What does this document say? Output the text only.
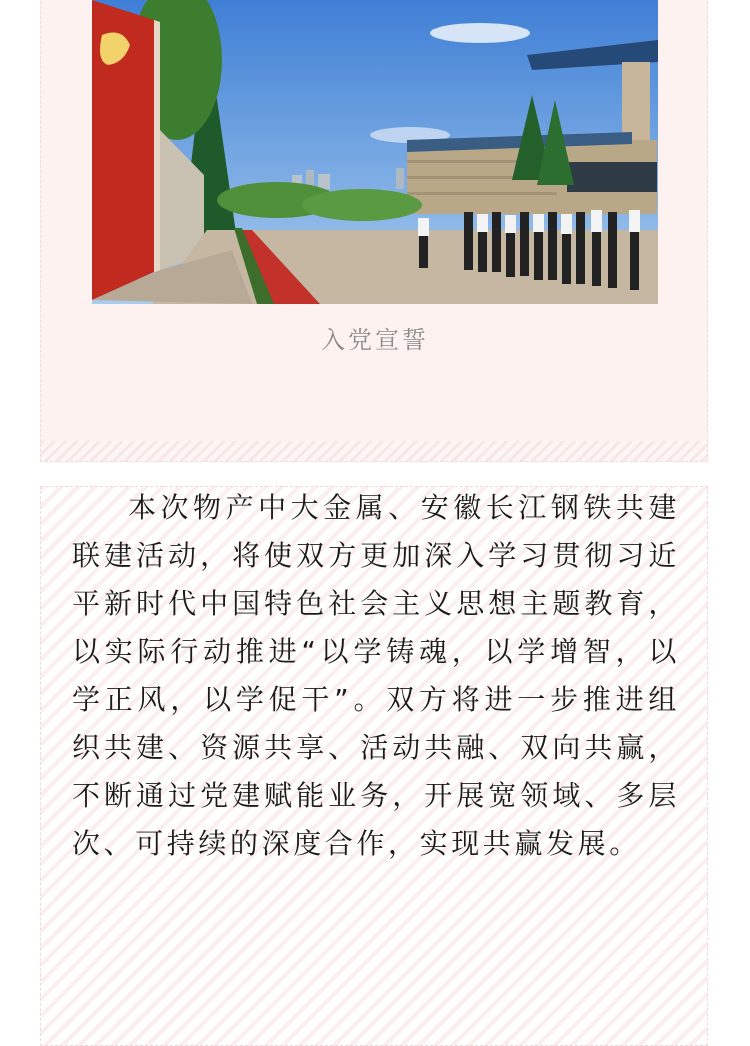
入党宣誓

本次物产中大金属、安徽长江钢铁共建联建活动，将使双方更加深入学习贯彻习近平新时代中国特色社会主义思想主题教育，以实际行动推进“以学铸魂，以学增智，以学正风，以学促干”。双方将进一步推进组织共建、资源共享、活动共融、双向共赢，不断通过党建赋能业务，开展宽领域、多层次、可持续的深度合作，实现共赢发展。
